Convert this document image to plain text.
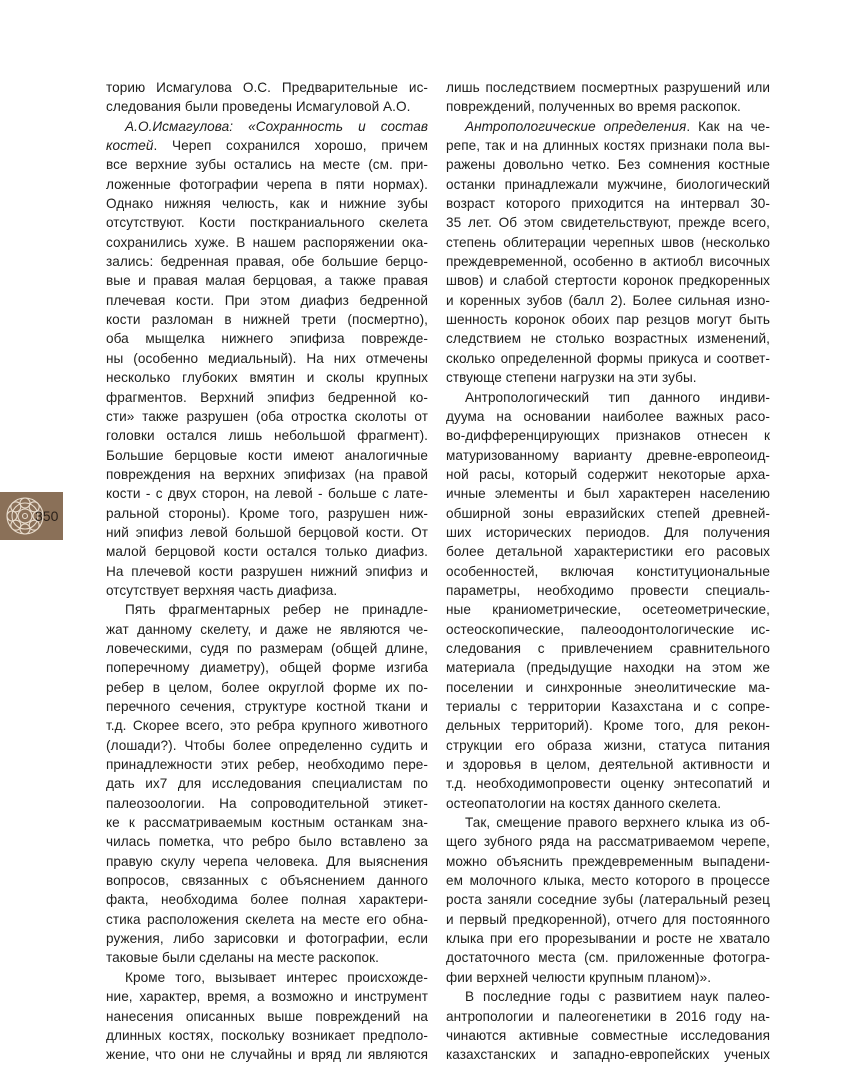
торию Исмагулова О.С. Предварительные ис-
следования были проведены Исмагуловой А.О.
А.О.Исмагулова: «Сохранность и состав
костей. Череп сохранился хорошо, причем
все верхние зубы остались на месте (см. при-
ложенные фотографии черепа в пяти нормах).
Однако нижняя челюсть, как и нижние зубы
отсутствуют. Кости посткраниального скелета
сохранились хуже. В нашем распоряжении ока-
зались: бедренная правая, обе большие берцо-
вые и правая малая берцовая, а также правая
плечевая кости. При этом диафиз бедренной
кости разломан в нижней трети (посмертно),
оба мыщелка нижнего эпифиза поврежде-
ны (особенно медиальный). На них отмечены
несколько глубоких вмятин и сколы крупных
фрагментов. Верхний эпифиз бедренной ко-
сти» также разрушен (оба отростка сколоты от
головки остался лишь небольшой фрагмент).
Большие берцовые кости имеют аналогичные
повреждения на верхних эпифизах (на правой
кости - с двух сторон, на левой - больше с латe-
ральной стороны). Кроме того, разрушен ниж-
ний эпифиз левой большой берцовой кости. От
малой берцовой кости остался только диафиз.
На плечевой кости разрушен нижний эпифиз и
отсутствует верхняя часть диафиза.
Пять фрагментарных ребер не принадле-
жат данному скелету, и даже не являются че-
ловеческими, судя по размерам (общей длине,
поперечному диаметру), общей форме изгиба
ребер в целом, более округлой форме их по-
перечного сечения, структуре костной ткани и
т.д. Скорее всего, это ребра крупного животного
(лошади?). Чтобы более определенно судить и
принадлежности этих ребер, необходимо пере-
дать их7 для исследования специалистам по
палеозоологии. На сопроводительной этикет-
ке к рассматриваемым костным останкам зна-
чилась пометка, что ребро было вставлено за
правую скулу черепа человека. Для выяснения
вопросов, связанных с объяснением данного
факта, необходима более полная характери-
стика расположения скелета на месте его обна-
ружения, либо зарисовки и фотографии, если
таковые были сделаны на месте раскопок.
Кроме того, вызывает интерес происхожде-
ние, характер, время, а возможно и инструмент
нанесения описанных выше повреждений на
длинных костях, поскольку возникает предполо-
жение, что они не случайны и вряд ли являются
лишь последствием посмертных разрушений или
повреждений, полученных во время раскопок.
Антропологические определения. Как на че-
репе, так и на длинных костях признаки пола вы-
ражены довольно четко. Без сомнения костные
останки принадлежали мужчине, биологический
возраст которого приходится на интервал 30-
35 лет. Об этом свидетельствуют, прежде всего,
степень облитерации черепных швов (несколько
преждевременной, особенно в актиобл височных
швов) и слабой стертости коронок предкоренных
и коренных зубов (балл 2). Более сильная изно-
шенность коронок обоих пар резцов могут быть
следствием не столько возрастных изменений,
сколько определенной формы прикуса и соответ-
ствующе степени нагрузки на эти зубы.
Антропологический тип данного индиви-
дуума на основании наиболее важных расо-
во-дифференцирующих признаков отнесен к
матуризованному варианту древне-европеоид-
ной расы, который содержит некоторые арха-
ичные элементы и был характерен населению
обширной зоны евразийских степей древней-
ших исторических периодов. Для получения
более детальной характеристики его расовых
особенностей, включая конституциональные
параметры, необходимо провести специаль-
ные краниометрические, осетеометрические,
остеоскопические, палеоодонтологические ис-
следования с привлечением сравнительного
материала (предыдущие находки на этом же
поселении и синхронные энеолитические ма-
териалы с территории Казахстана и с сопре-
дельных территорий). Кроме того, для рекон-
струкции его образа жизни, статуса питания
и здоровья в целом, деятельной активности и
т.д. необходимопровести оценку энтесопатий и
остеопатологии на костях данного скелета.
Так, смещение правого верхнего клыка из об-
щего зубного ряда на рассматриваемом черепе,
можно объяснить преждевременным выпадени-
ем молочного клыка, место которого в процессе
роста заняли соседние зубы (латеральный резец
и первый предкоренной), отчего для постоянного
клыка при его прорезывании и росте не хватало
достаточного места (см. приложенные фотогра-
фии верхней челюсти крупным планом)».
В последние годы с развитием наук палео-
антропологии и палеогенетики в 2016 году на-
чинаются активные совместные исследования
казахстанских и западно-европейских ученых
350
